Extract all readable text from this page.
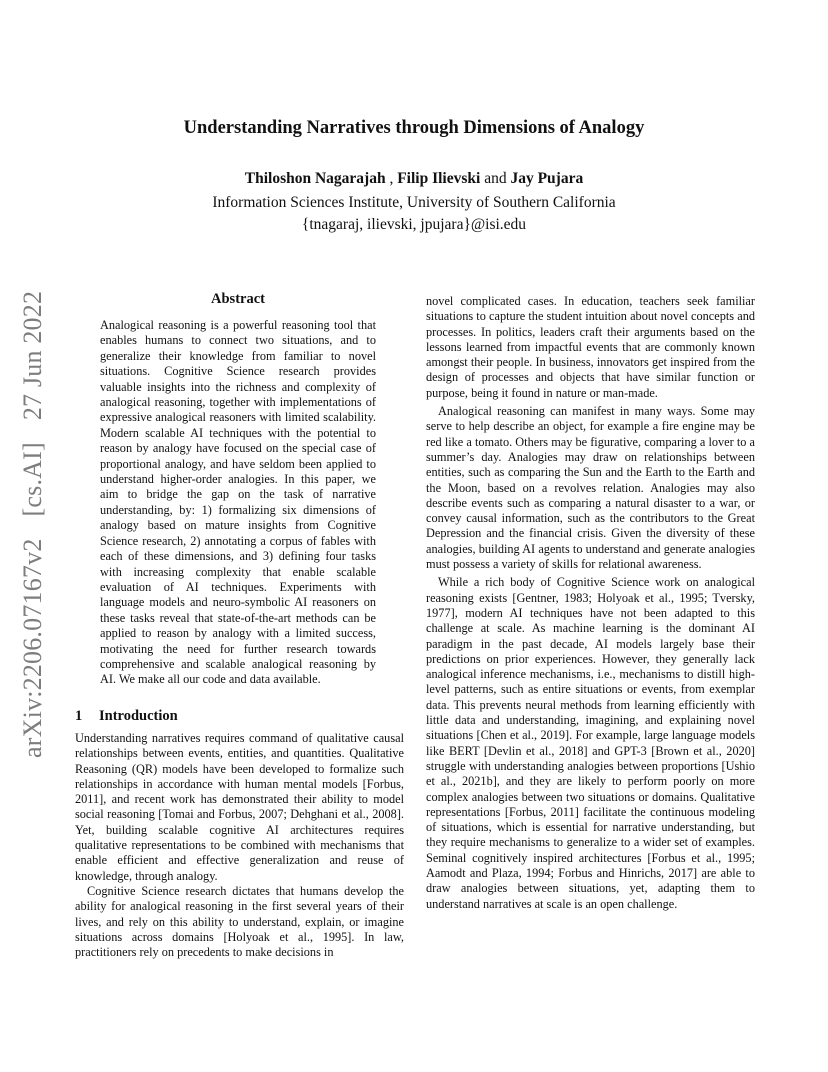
arXiv:2206.07167v2[cs.AI]27 Jun 2022
Understanding Narratives through Dimensions of Analogy
Thiloshon Nagarajah , Filip Ilievski and Jay Pujara
Information Sciences Institute, University of Southern California
{tnagaraj, ilievski, jpujara}@isi.edu
Abstract

Analogical reasoning is a powerful reasoning tool that enables humans to connect two situations, and to generalize their knowledge from familiar to novel situations. Cognitive Science research provides valuable insights into the richness and complexity of analogical reasoning, together with implementations of expressive analogical reasoners with limited scalability. Modern scalable AI techniques with the potential to reason by analogy have focused on the special case of proportional analogy, and have seldom been applied to understand higher-order analogies. In this paper, we aim to bridge the gap on the task of narrative understanding, by: 1) formalizing six dimensions of analogy based on mature insights from Cognitive Science research, 2) annotating a corpus of fables with each of these dimensions, and 3) defining four tasks with increasing complexity that enable scalable evaluation of AI techniques. Experiments with language models and neuro-symbolic AI reasoners on these tasks reveal that state-of-the-art methods can be applied to reason by analogy with a limited success, motivating the need for further research towards comprehensive and scalable analogical reasoning by AI. We make all our code and data available.

1 Introduction

Understanding narratives requires command of qualitative causal relationships between events, entities, and quantities. Qualitative Reasoning (QR) models have been developed to formalize such relationships in accordance with human mental models [Forbus, 2011], and recent work has demonstrated their ability to model social reasoning [Tomai and Forbus, 2007; Dehghani et al., 2008]. Yet, building scalable cognitive AI architectures requires qualitative representations to be combined with mechanisms that enable efficient and effective generalization and reuse of knowledge, through analogy.

Cognitive Science research dictates that humans develop the ability for analogical reasoning in the first several years of their lives, and rely on this ability to understand, explain, or imagine situations across domains [Holyoak et al., 1995]. In law, practitioners rely on precedents to make decisions in

novel complicated cases. In education, teachers seek familiar situations to capture the student intuition about novel concepts and processes. In politics, leaders craft their arguments based on the lessons learned from impactful events that are commonly known amongst their people. In business, innovators get inspired from the design of processes and objects that have similar function or purpose, being it found in nature or man-made.

Analogical reasoning can manifest in many ways. Some may serve to help describe an object, for example a fire engine may be red like a tomato. Others may be figurative, comparing a lover to a summer’s day. Analogies may draw on relationships between entities, such as comparing the Sun and the Earth to the Earth and the Moon, based on a revolves relation. Analogies may also describe events such as comparing a natural disaster to a war, or convey causal information, such as the contributors to the Great Depression and the financial crisis. Given the diversity of these analogies, building AI agents to understand and generate analogies must possess a variety of skills for relational awareness.

While a rich body of Cognitive Science work on analogical reasoning exists [Gentner, 1983; Holyoak et al., 1995; Tversky, 1977], modern AI techniques have not been adapted to this challenge at scale. As machine learning is the dominant AI paradigm in the past decade, AI models largely base their predictions on prior experiences. However, they generally lack analogical inference mechanisms, i.e., mechanisms to distill high-level patterns, such as entire situations or events, from exemplar data. This prevents neural methods from learning efficiently with little data and understanding, imagining, and explaining novel situations [Chen et al., 2019]. For example, large language models like BERT [Devlin et al., 2018] and GPT-3 [Brown et al., 2020] struggle with understanding analogies between proportions [Ushio et al., 2021b], and they are likely to perform poorly on more complex analogies between two situations or domains. Qualitative representations [Forbus, 2011] facilitate the continuous modeling of situations, which is essential for narrative understanding, but they require mechanisms to generalize to a wider set of examples. Seminal cognitively inspired architectures [Forbus et al., 1995; Aamodt and Plaza, 1994; Forbus and Hinrichs, 2017] are able to draw analogies between situations, yet, adapting them to understand narratives at scale is an open challenge.
